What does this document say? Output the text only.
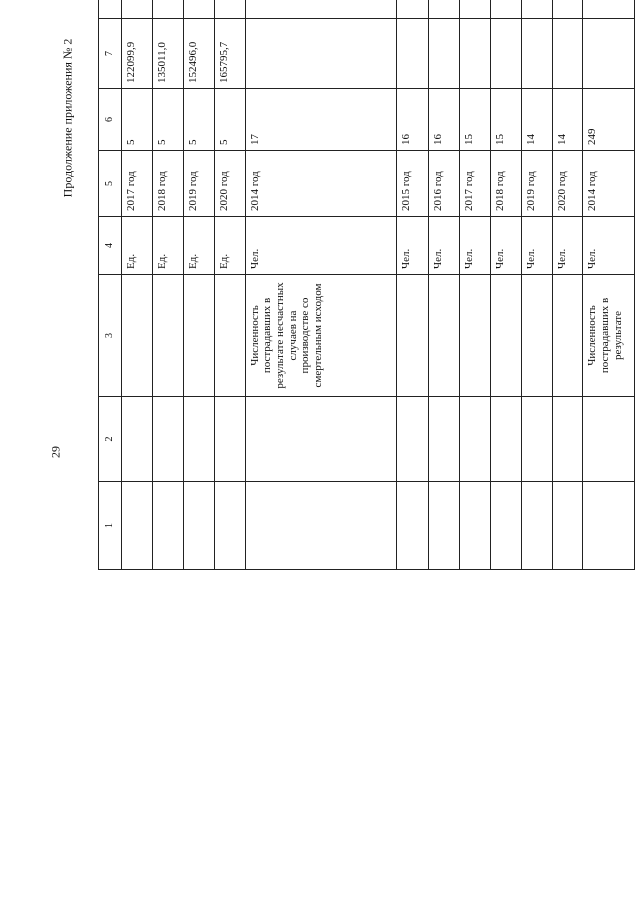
29
Продолжение приложения № 2
1	2	3	4	5	6	7				
			Ед.	2017 год	5	122099,9				
			Ед.	2018 год	5	135011,0				
			Ед.	2019 год	5	152496,0				
			Ед.	2020 год	5	165795,7				
		Численность пострадавших в результате несчастных случаев на производстве со смертельным исходом	Чел.	2014 год	17					
			Чел.	2015 год	16					
			Чел.	2016 год	16					
			Чел.	2017 год	15					
			Чел.	2018 год	15					
			Чел.	2019 год	14					
			Чел.	2020 год	14					
		Численность пострадавших в результате	Чел.	2014 год	249					
